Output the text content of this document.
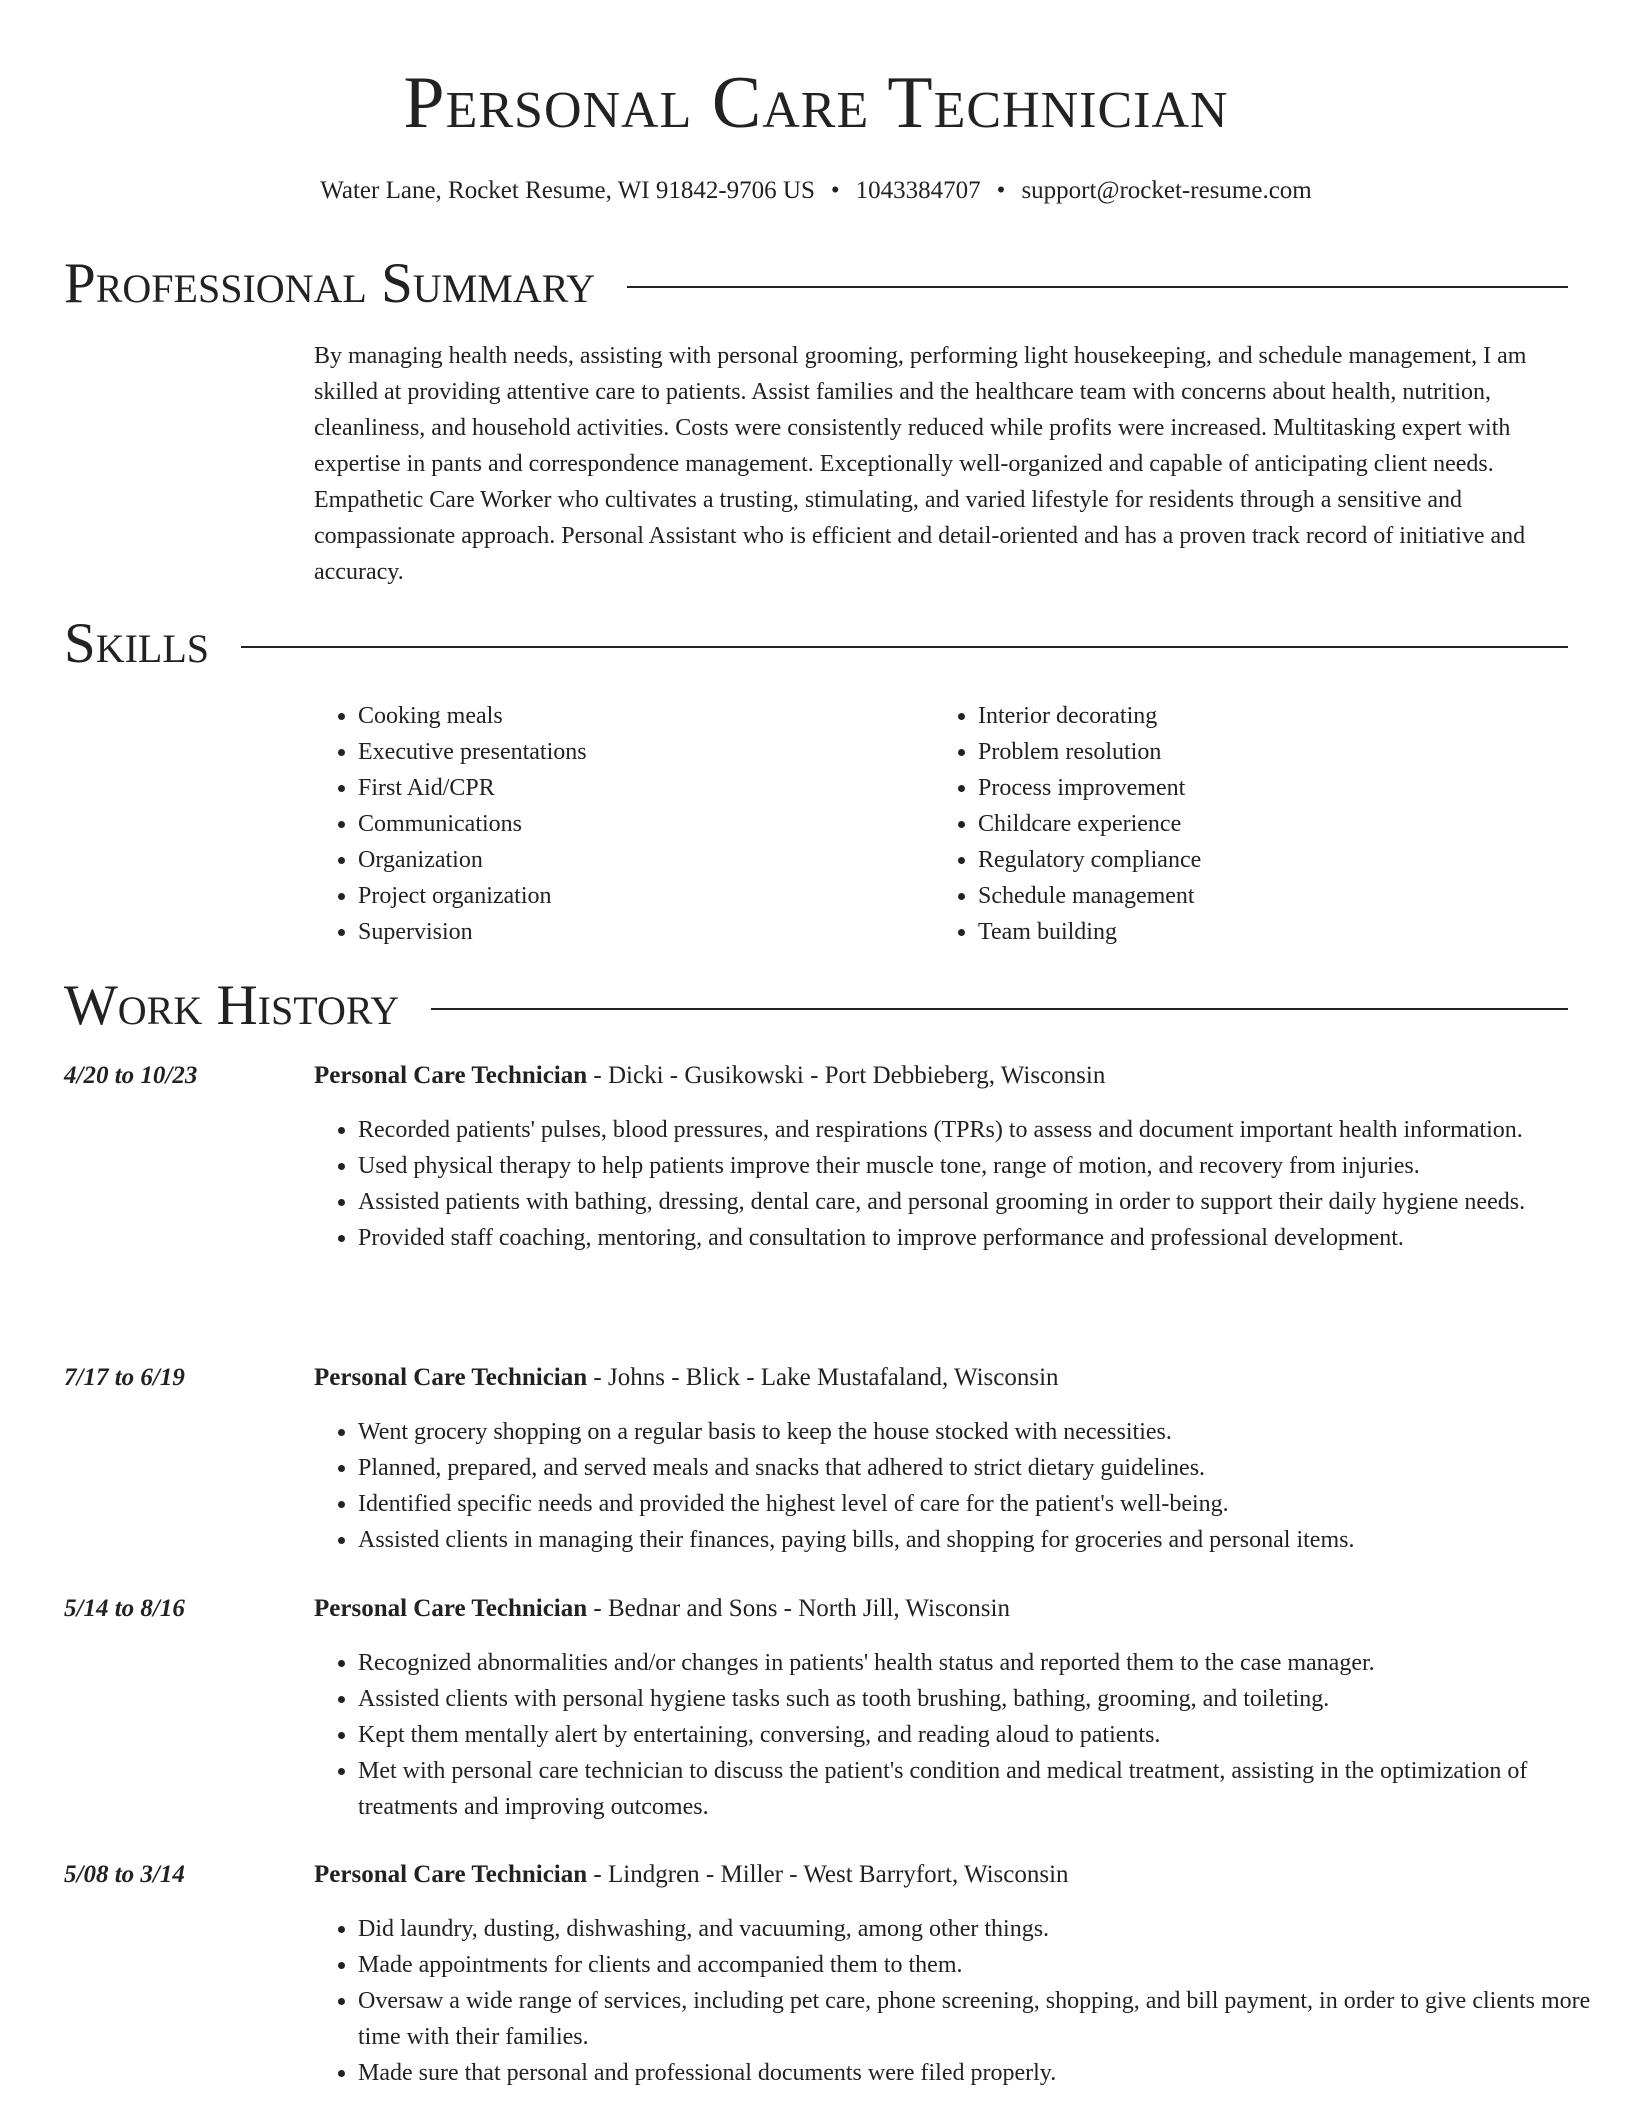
Personal Care Technician
Water Lane, Rocket Resume, WI 91842-9706 US • 1043384707 • support@rocket-resume.com
Professional Summary

By managing health needs, assisting with personal grooming, performing light housekeeping, and schedule management, I am skilled at providing attentive care to patients. Assist families and the healthcare team with concerns about health, nutrition, cleanliness, and household activities. Costs were consistently reduced while profits were increased. Multitasking expert with expertise in pants and correspondence management. Exceptionally well-organized and capable of anticipating client needs. Empathetic Care Worker who cultivates a trusting, stimulating, and varied lifestyle for residents through a sensitive and compassionate approach. Personal Assistant who is efficient and detail-oriented and has a proven track record of initiative and accuracy.

Skills
• Cooking meals
• Executive presentations
• First Aid/CPR
• Communications
• Organization
• Project organization
• Supervision
• Interior decorating
• Problem resolution
• Process improvement
• Childcare experience
• Regulatory compliance
• Schedule management
• Team building
Work History
4/20 to 10/23	Personal Care Technician - Dicki - Gusikowski - Port Debbieberg, Wisconsin
• Recorded patients' pulses, blood pressures, and respirations (TPRs) to assess and document important health information.
• Used physical therapy to help patients improve their muscle tone, range of motion, and recovery from injuries.
• Assisted patients with bathing, dressing, dental care, and personal grooming in order to support their daily hygiene needs.
• Provided staff coaching, mentoring, and consultation to improve performance and professional development.
7/17 to 6/19	Personal Care Technician - Johns - Blick - Lake Mustafaland, Wisconsin
• Went grocery shopping on a regular basis to keep the house stocked with necessities.
• Planned, prepared, and served meals and snacks that adhered to strict dietary guidelines.
• Identified specific needs and provided the highest level of care for the patient's well-being.
• Assisted clients in managing their finances, paying bills, and shopping for groceries and personal items.
5/14 to 8/16	Personal Care Technician - Bednar and Sons - North Jill, Wisconsin
• Recognized abnormalities and/or changes in patients' health status and reported them to the case manager.
• Assisted clients with personal hygiene tasks such as tooth brushing, bathing, grooming, and toileting.
• Kept them mentally alert by entertaining, conversing, and reading aloud to patients.
• Met with personal care technician to discuss the patient's condition and medical treatment, assisting in the optimization of treatments and improving outcomes.
5/08 to 3/14	Personal Care Technician - Lindgren - Miller - West Barryfort, Wisconsin
• Did laundry, dusting, dishwashing, and vacuuming, among other things.
• Made appointments for clients and accompanied them to them.
• Oversaw a wide range of services, including pet care, phone screening, shopping, and bill payment, in order to give clients more time with their families.
• Made sure that personal and professional documents were filed properly.
